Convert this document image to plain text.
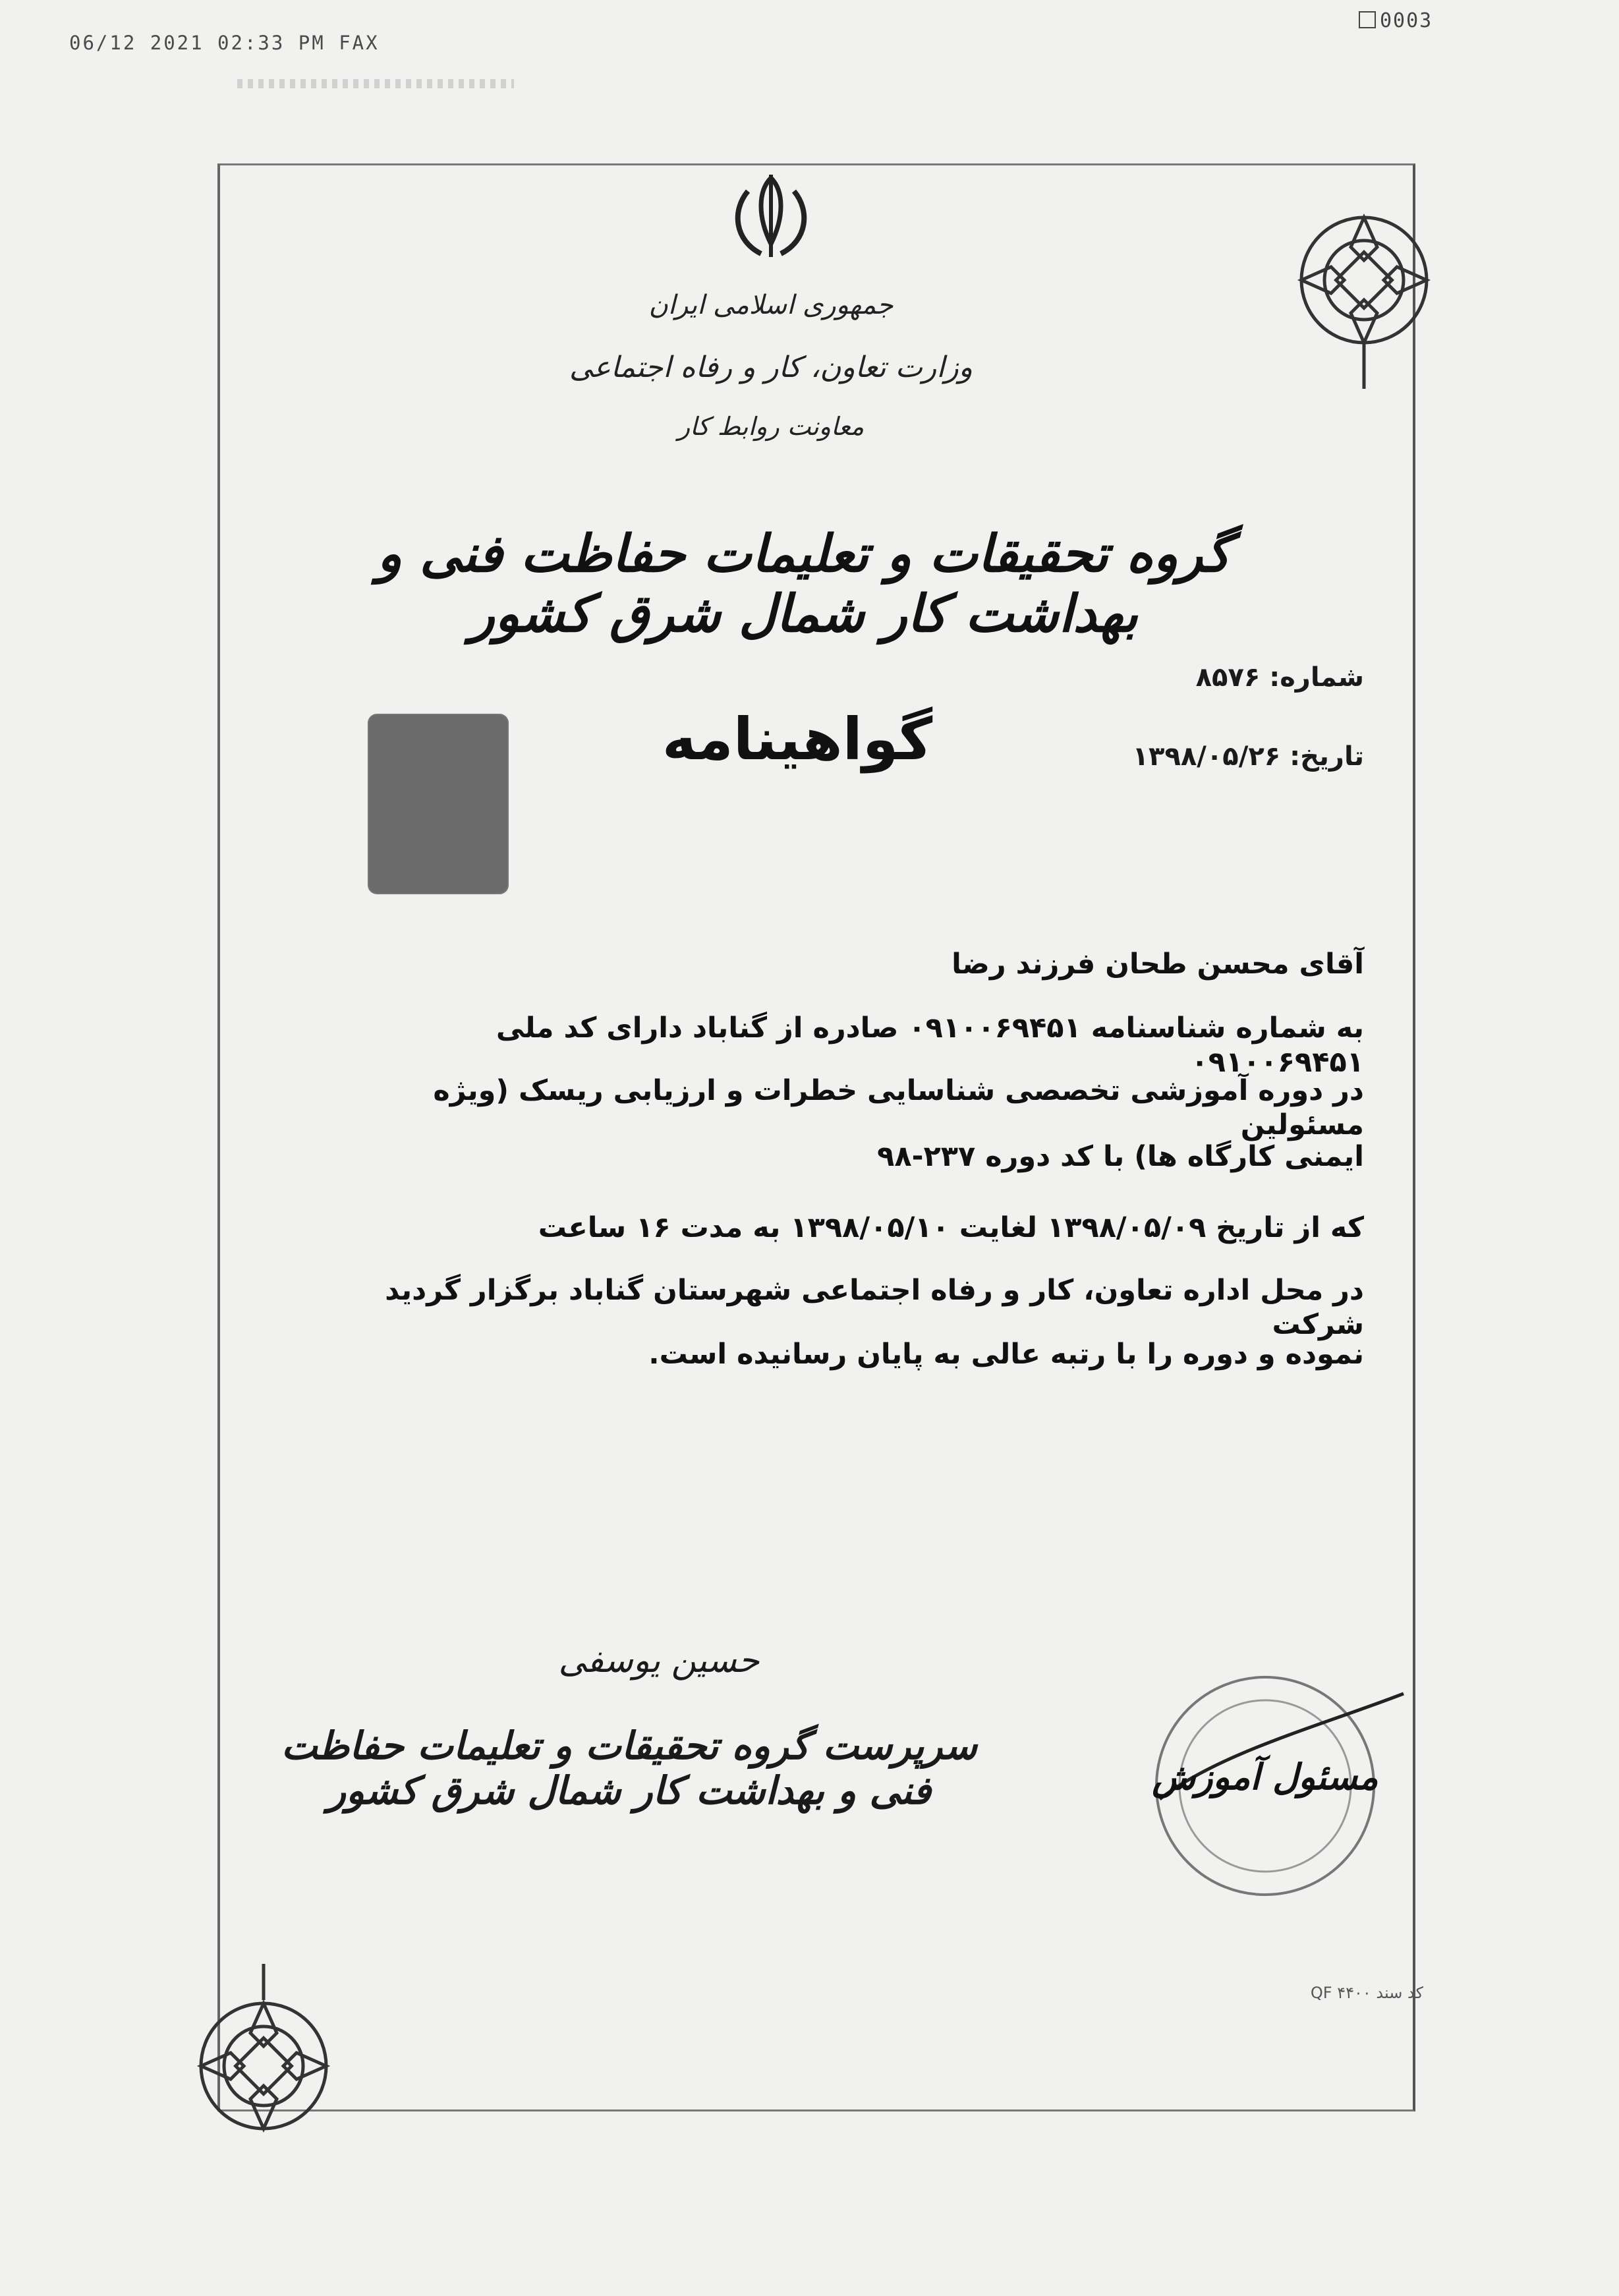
06/12 2021 02:33 PM FAX
0003
جمهوری اسلامی ایران
وزارت تعاون، کار و رفاه اجتماعی
معاونت روابط کار
گروه تحقیقات و تعلیمات حفاظت فنی و بهداشت کار شمال شرق کشور
شماره: ۸۵۷۶
تاریخ: ۱۳۹۸/۰۵/۲۶
گواهینامه
آقای محسن طحان فرزند رضا
به شماره شناسنامه ۰۹۱۰۰۶۹۴۵۱ صادره از گناباد دارای کد ملی ۰۹۱۰۰۶۹۴۵۱
در دوره آموزشی تخصصی شناسایی خطرات و ارزیابی ریسک (ویژه مسئولین
ایمنی کارگاه ها) با کد دوره ۲۳۷-۹۸
که از تاریخ ۱۳۹۸/۰۵/۰۹ لغایت ۱۳۹۸/۰۵/۱۰ به مدت ۱۶ ساعت
در محل اداره تعاون، کار و رفاه اجتماعی شهرستان گناباد برگزار گردید شرکت
نموده و دوره را با رتبه عالی به پایان رسانیده است.
حسین یوسفی
سرپرست گروه تحقیقات و تعلیمات حفاظت فنی و بهداشت کار شمال شرق کشور	مسئول آموزش
کد سند QF ۴۴۰۰
